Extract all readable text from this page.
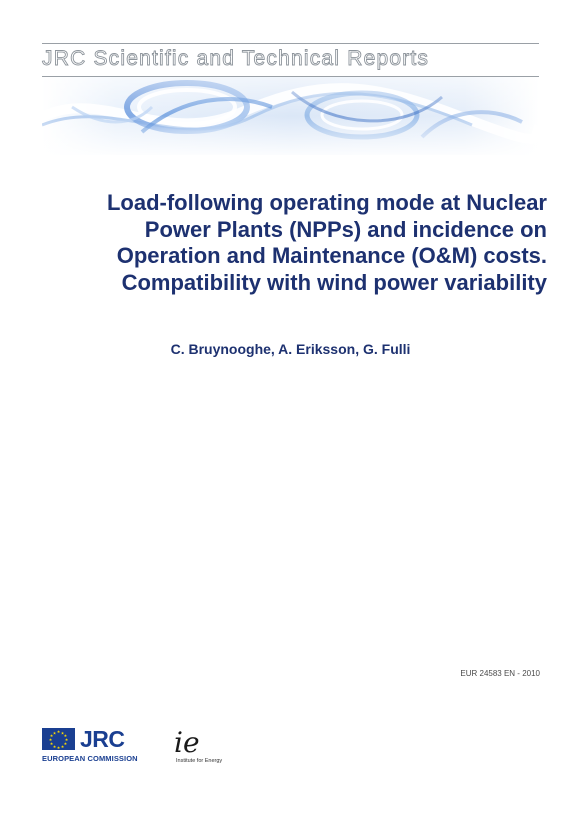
JRC Scientific and Technical Reports
Load-following operating mode at Nuclear
Power Plants (NPPs) and incidence on
Operation and Maintenance (O&M) costs.
Compatibility with wind power variability
C. Bruynooghe, A. Eriksson, G. Fulli
EUR 24583 EN - 2010
★ ★
★
★
★
★
★
★
★
★
★
★ JRC
EUROPEAN COMMISSION ie
Institute for Energy
